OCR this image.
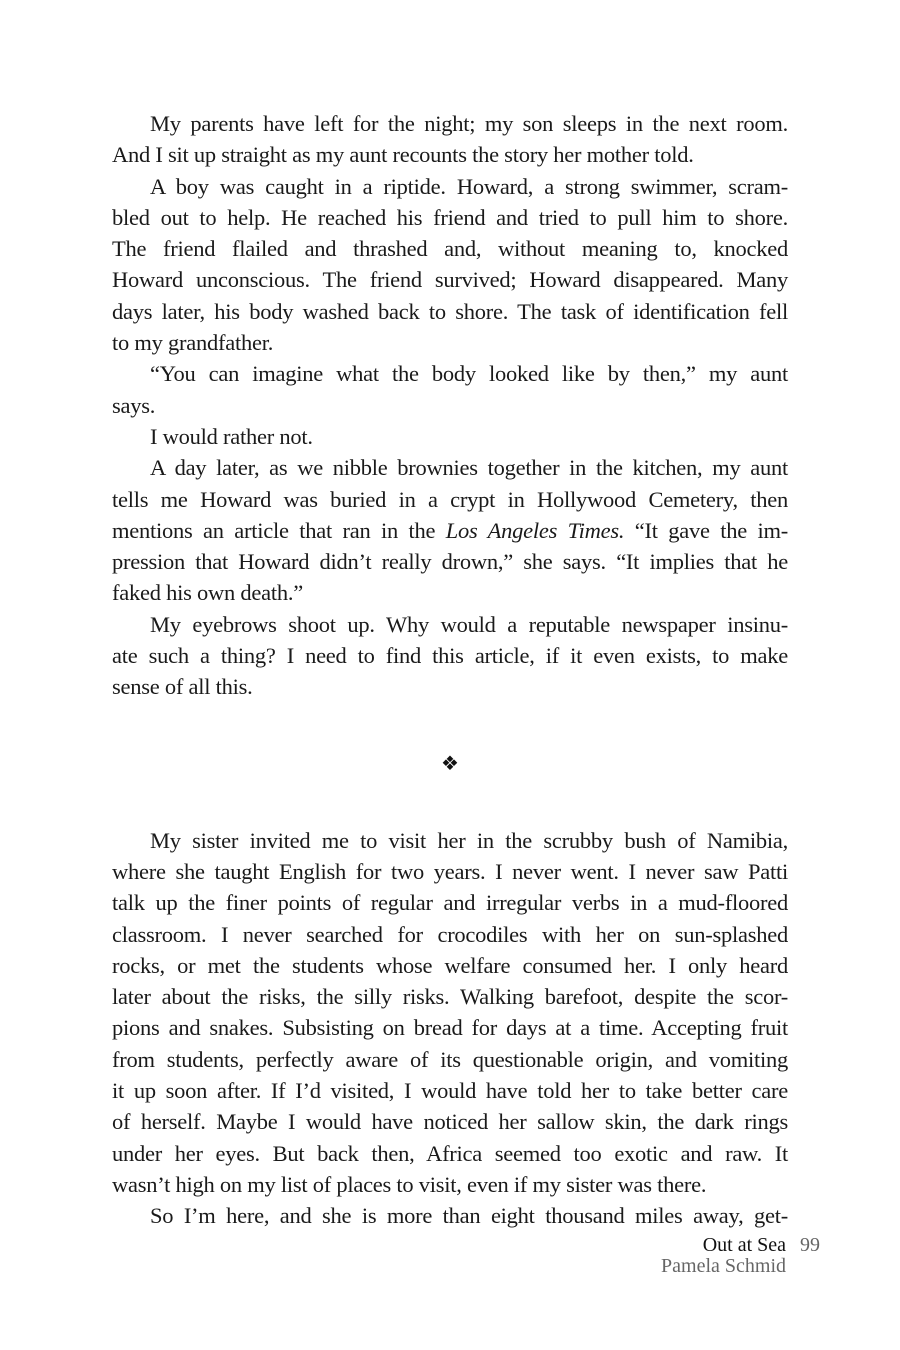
My parents have left for the night; my son sleeps in the next room.
And I sit up straight as my aunt recounts the story her mother told.
A boy was caught in a riptide. Howard, a strong swimmer, scram-
bled out to help. He reached his friend and tried to pull him to shore.
The friend flailed and thrashed and, without meaning to, knocked
Howard unconscious. The friend survived; Howard disappeared. Many
days later, his body washed back to shore. The task of identification fell
to my grandfather.
“You can imagine what the body looked like by then,” my aunt
says.
I would rather not.
A day later, as we nibble brownies together in the kitchen, my aunt
tells me Howard was buried in a crypt in Hollywood Cemetery, then
mentions an article that ran in the Los Angeles Times. “It gave the im-
pression that Howard didn’t really drown,” she says. “It implies that he
faked his own death.”
My eyebrows shoot up. Why would a reputable newspaper insinu-
ate such a thing? I need to find this article, if it even exists, to make
sense of all this.
❖
My sister invited me to visit her in the scrubby bush of Namibia,
where she taught English for two years. I never went. I never saw Patti
talk up the finer points of regular and irregular verbs in a mud-floored
classroom. I never searched for crocodiles with her on sun-splashed
rocks, or met the students whose welfare consumed her. I only heard
later about the risks, the silly risks. Walking barefoot, despite the scor-
pions and snakes. Subsisting on bread for days at a time. Accepting fruit
from students, perfectly aware of its questionable origin, and vomiting
it up soon after. If I’d visited, I would have told her to take better care
of herself. Maybe I would have noticed her sallow skin, the dark rings
under her eyes. But back then, Africa seemed too exotic and raw. It
wasn’t high on my list of places to visit, even if my sister was there.
So I’m here, and she is more than eight thousand miles away, get-
Out at Sea 99
Pamela Schmid
